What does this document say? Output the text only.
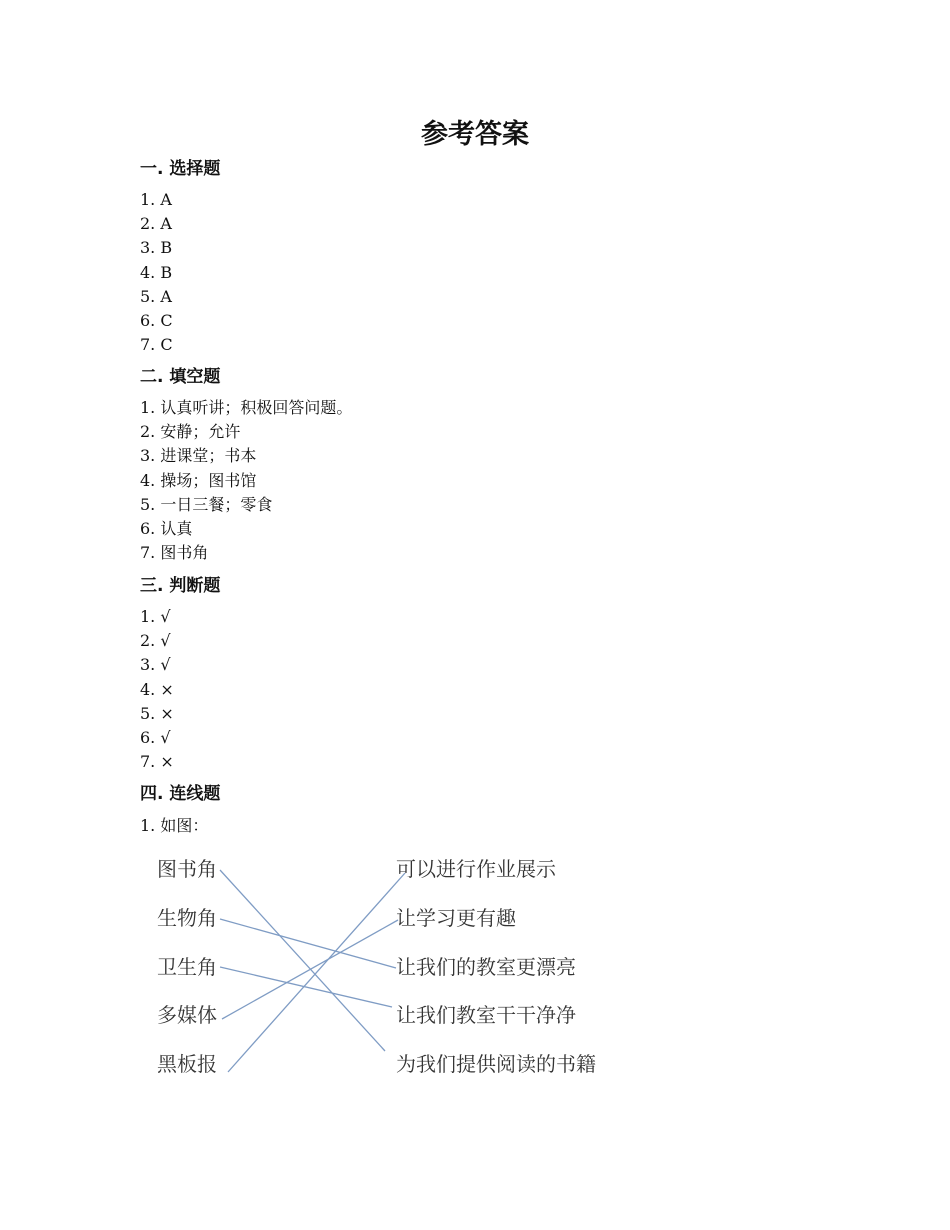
参考答案
一. 选择题
1. A
2. A
3. B
4. B
5. A
6. C
7. C
二. 填空题
1. 认真听讲；积极回答问题。
2. 安静；允许
3. 进课堂；书本
4. 操场；图书馆
5. 一日三餐；零食
6. 认真
7. 图书角
三. 判断题
1. √
2. √
3. √
4. ×
5. ×
6. √
7. ×
四. 连线题
1. 如图：
图书角
生物角
卫生角
多媒体
黑板报
可以进行作业展示
让学习更有趣
让我们的教室更漂亮
让我们教室干干净净
为我们提供阅读的书籍
